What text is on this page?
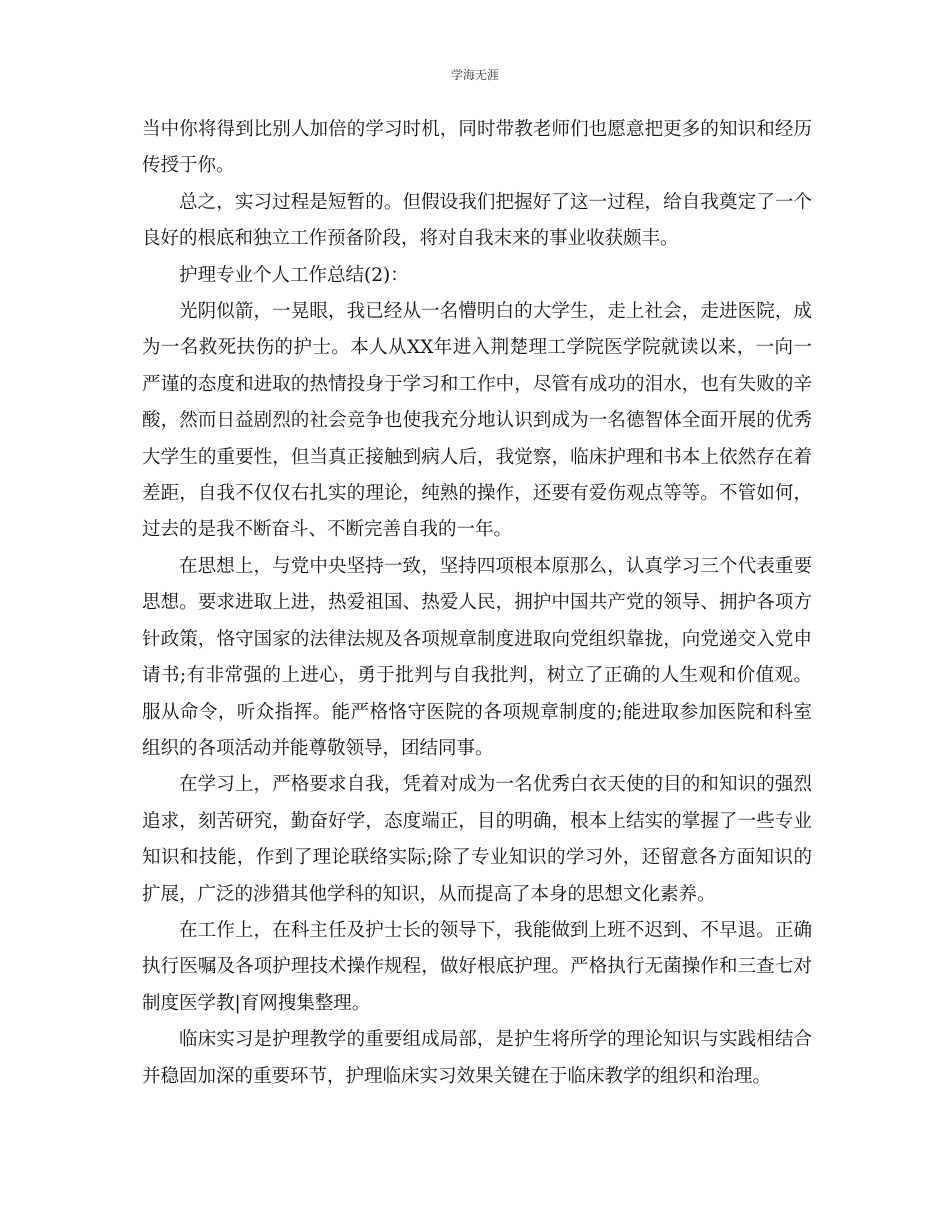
学海无涯

当中你将得到比别人加倍的学习时机，同时带教老师们也愿意把更多的知识和经历传授于你。

总之，实习过程是短暂的。但假设我们把握好了这一过程，给自我奠定了一个良好的根底和独立工作预备阶段，将对自我末来的事业收获颇丰。

护理专业个人工作总结(2)：

光阴似箭，一晃眼，我已经从一名懵明白的大学生，走上社会，走进医院，成为一名救死扶伤的护士。本人从XX年进入荆楚理工学院医学院就读以来，一向一严谨的态度和进取的热情投身于学习和工作中，尽管有成功的泪水，也有失败的辛酸，然而日益剧烈的社会竞争也使我充分地认识到成为一名德智体全面开展的优秀大学生的重要性，但当真正接触到病人后，我觉察，临床护理和书本上依然存在着差距，自我不仅仅右扎实的理论，纯熟的操作，还要有爱伤观点等等。不管如何，过去的是我不断奋斗、不断完善自我的一年。

在思想上，与党中央坚持一致，坚持四项根本原那么，认真学习三个代表重要思想。要求进取上进，热爱祖国、热爱人民，拥护中国共产党的领导、拥护各项方针政策，恪守国家的法律法规及各项规章制度进取向党组织靠拢，向党递交入党申请书;有非常强的上进心，勇于批判与自我批判，树立了正确的人生观和价值观。服从命令，听众指挥。能严格恪守医院的各项规章制度的;能进取参加医院和科室组织的各项活动并能尊敬领导，团结同事。

在学习上，严格要求自我，凭着对成为一名优秀白衣天使的目的和知识的强烈追求，刻苦研究，勤奋好学，态度端正，目的明确，根本上结实的掌握了一些专业知识和技能，作到了理论联络实际;除了专业知识的学习外，还留意各方面知识的扩展，广泛的涉猎其他学科的知识，从而提高了本身的思想文化素养。

在工作上，在科主任及护士长的领导下，我能做到上班不迟到、不早退。正确执行医嘱及各项护理技术操作规程，做好根底护理。严格执行无菌操作和三查七对制度医学教|育网搜集整理。

临床实习是护理教学的重要组成局部，是护生将所学的理论知识与实践相结合并稳固加深的重要环节，护理临床实习效果关键在于临床教学的组织和治理。
